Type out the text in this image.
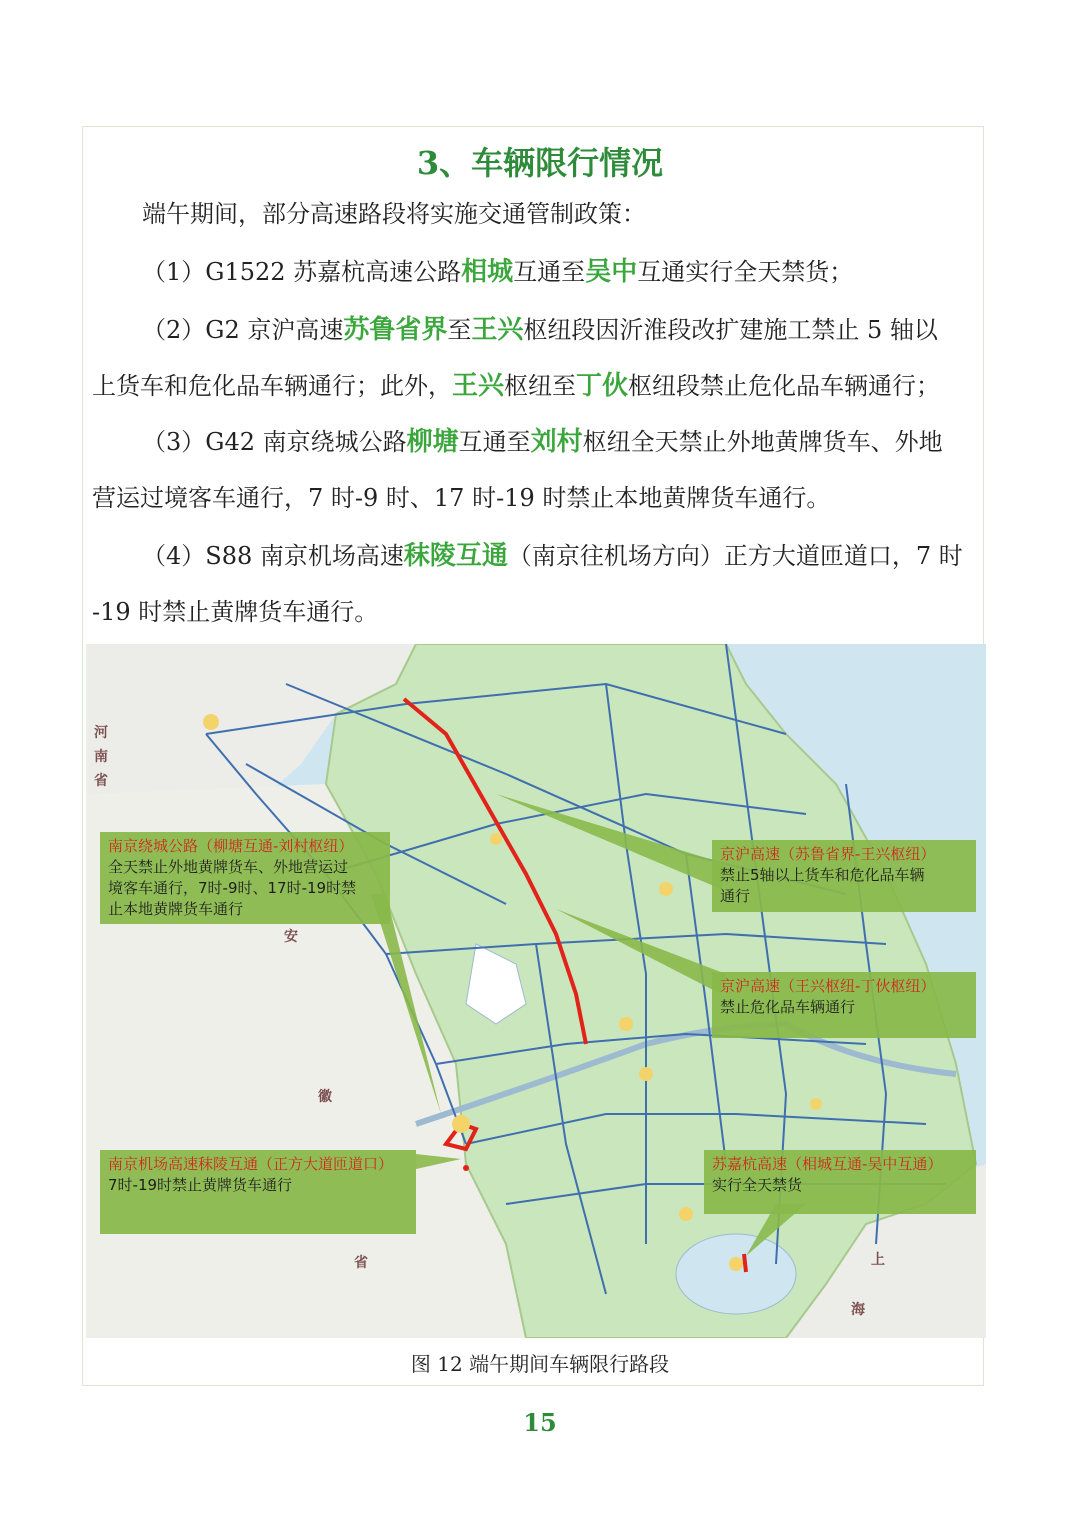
3、车辆限行情况
端午期间，部分高速路段将实施交通管制政策：
（1）G1522 苏嘉杭高速公路相城互通至吴中互通实行全天禁货；
（2）G2 京沪高速苏鲁省界至王兴枢纽段因沂淮段改扩建施工禁止 5 轴以
上货车和危化品车辆通行；此外，王兴枢纽至丁伙枢纽段禁止危化品车辆通行；
（3）G42 南京绕城公路柳塘互通至刘村枢纽全天禁止外地黄牌货车、外地
营运过境客车通行，7 时-9 时、17 时-19 时禁止本地黄牌货车通行。
（4）S88 南京机场高速秣陵互通（南京往机场方向）正方大道匝道口，7 时
-19 时禁止黄牌货车通行。
河
南
省
安
徽
省	上
海
南京绕城公路（柳塘互通-刘村枢纽）
全天禁止外地黄牌货车、外地营运过
境客车通行，7时-9时、17时-19时禁
止本地黄牌货车通行
京沪高速（苏鲁省界-王兴枢纽）
禁止5轴以上货车和危化品车辆
通行
京沪高速（王兴枢纽-丁伙枢纽）
禁止危化品车辆通行
南京机场高速秣陵互通（正方大道匝道口）
7时-19时禁止黄牌货车通行
苏嘉杭高速（相城互通-吴中互通）
实行全天禁货
图 12 端午期间车辆限行路段
15
